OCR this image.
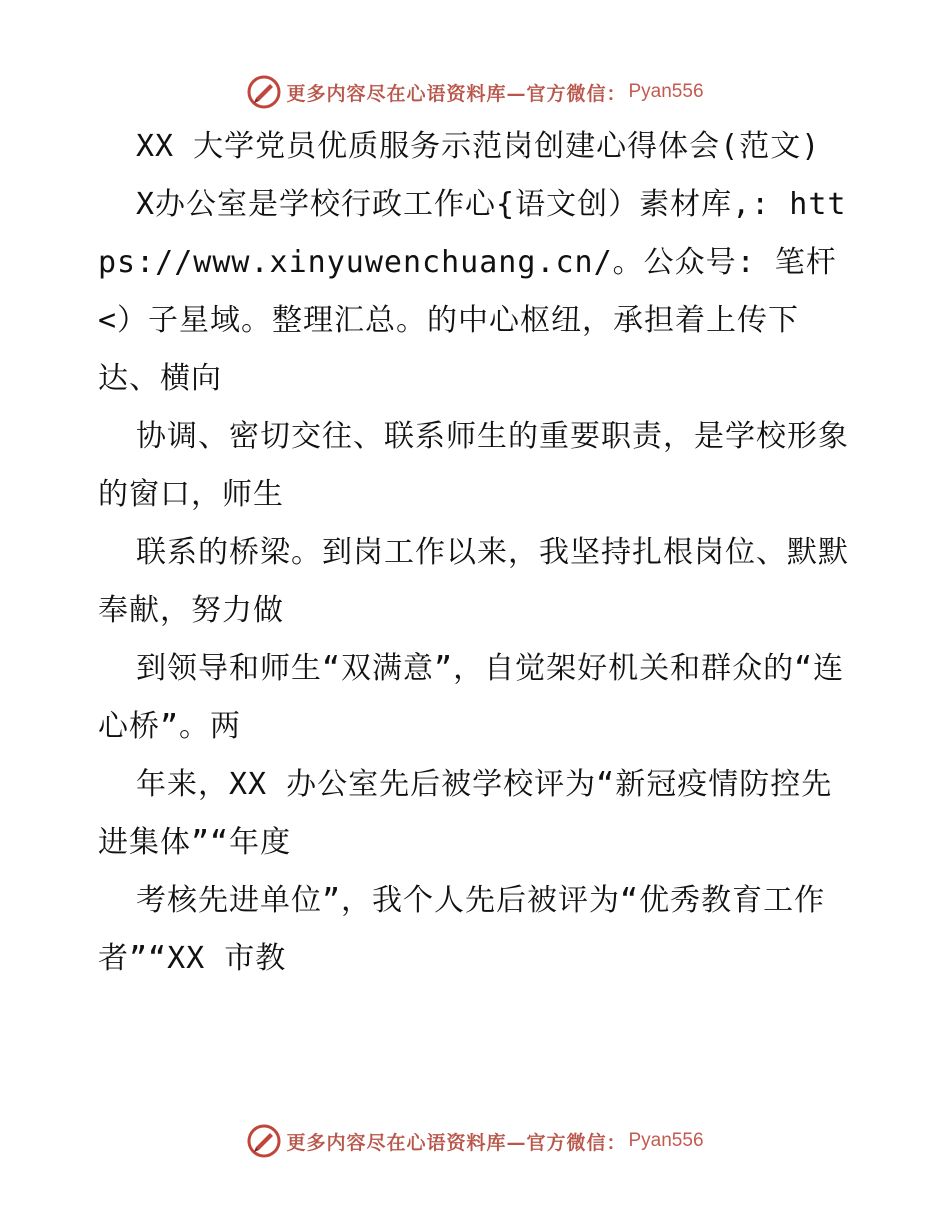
更多内容尽在心语资料库—官方微信： Pyan556

XX 大学党员优质服务示范岗创建心得体会(范文)

X办公室是学校行政工作心{语文创）素材库,: https://www.xinyuwenchuang.cn/。公众号: 笔杆<）子星域。整理汇总。的中心枢纽，承担着上传下达、横向

协调、密切交往、联系师生的重要职责，是学校形象的窗口，师生

联系的桥梁。到岗工作以来，我坚持扎根岗位、默默奉献，努力做

到领导和师生“双满意”，自觉架好机关和群众的“连心桥”。两

年来，XX 办公室先后被学校评为“新冠疫情防控先进集体”“年度

考核先进单位”，我个人先后被评为“优秀教育工作者”“XX 市教

更多内容尽在心语资料库—官方微信： Pyan556
